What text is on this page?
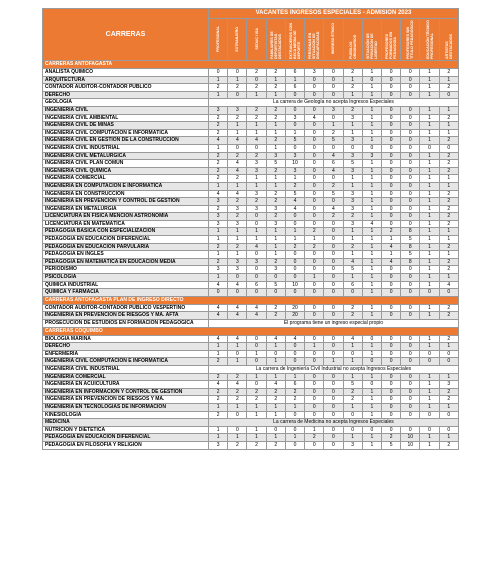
CARRERAS	VACANTES INGRESOS ESPECIALES - ADMISIÓN 2023												
	PROFESIONAL	EXTRANJERO	SEDUC / ISA	FAMILIARES DE DEPORTISTAS DESTACADOS	EXTRANJEROS CON BECA MEDIA DE DEPORTE	PERSONAS EN SITUACIÓN DE DISCAPACIDAD	INGRESO ÉTNICO	PUEBLOS ORIGINARIOS	SITUACIÓN DE PRIVACIÓN DE LIBERTAD	PROFESORES FORMADOS EN PEDAGOGÍA	PROFESORES SIN TÍTULO PEDAGÓGICO	EDUCACIÓN TÉCNICO PROFESIONAL	ARTISTAS DESTACADOS
CARRERAS ANTOFAGASTA													
ANALISTA QUÍMICO	0	0	2	2	6	3	0	2	1	0	0	1	2
ARQUITECTURA	1	1	0	1	1	0	0	1	0	0	0	1	1
CONTADOR AUDITOR-CONTADOR PÚBLICO	2	2	2	2	6	0	0	2	1	0	0	1	2
DERECHO	1	0	1	1	0	0	0	1	1	0	0	1	0
GEOLOGÍA	La carrera de Geología no acepta Ingresos Especiales												
INGENIERÍA CIVIL	3	3	2	2	0	0	3	2	1	0	0	1	1
INGENIERÍA CIVIL AMBIENTAL	2	2	2	2	3	4	0	3	1	0	0	1	2
INGENIERÍA CIVIL DE MINAS	2	1	1	1	0	0	1	1	1	0	0	1	1
INGENIERÍA CIVIL COMPUTACIÓN E INFORMÁTICA	2	1	1	1	1	0	2	1	1	0	0	1	1
INGENIERÍA CIVIL EN GESTIÓN DE LA CONSTRUCCIÓN	4	4	4	2	5	0	5	3	1	0	0	1	2
INGENIERÍA CIVIL INDUSTRIAL	1	0	0	1	0	0	0	0	0	0	0	0	0
INGENIERÍA CIVIL METALÚRGICA	2	2	2	3	3	0	4	3	3	0	0	1	2
INGENIERÍA CIVIL PLAN COMÚN	2	4	3	5	10	0	6	5	1	0	0	1	2
INGENIERÍA CIVIL QUÍMICA	2	4	3	2	3	0	4	3	1	0	0	1	2
INGENIERÍA COMERCIAL	2	2	1	1	1	0	0	1	1	0	0	1	1
INGENIERÍA EN COMPUTACIÓN E INFORMÁTICA	1	1	1	1	2	0	2	1	1	0	0	1	1
INGENIERÍA EN CONSTRUCCIÓN	4	4	3	2	5	0	5	3	1	0	0	1	2
INGENIERÍA EN PREVENCIÓN Y CONTROL DE GESTIÓN	3	2	2	2	4	0	0	3	1	0	0	1	2
INGENIERÍA EN METALURGIA	2	3	3	3	4	0	4	3	1	0	0	1	2
LICENCIATURA EN FÍSICA MENCIÓN ASTRONOMÍA	3	2	0	2	0	0	2	2	1	0	0	1	2
LICENCIATURA EN MATEMÁTICA	3	3	0	3	0	0	0	3	4	0	0	1	2
PEDAGOGÍA BÁSICA CON ESPECIALIZACIÓN	1	1	1	1	1	2	0	1	1	2	8	1	1
PEDAGOGÍA EN EDUCACIÓN DIFERENCIAL	1	1	1	1	1	1	0	1	1	1	5	1	1
PEDAGOGÍA EN EDUCACIÓN PARVULARIA	2	2	4	1	2	2	0	2	1	4	8	1	2
PEDAGOGÍA EN INGLÉS	1	1	0	1	0	0	0	1	1	1	5	1	1
PEDAGOGÍA EN MATEMÁTICA EN EDUCACIÓN MEDIA	2	3	3	2	0	0	0	4	1	4	8	1	2
PERIODISMO	3	3	0	3	0	0	0	5	1	0	0	1	2
PSICOLOGÍA	1	0	0	0	0	1	0	1	1	0	0	1	1
QUÍMICA INDUSTRIAL	4	4	6	5	10	0	0	6	1	0	0	1	4
QUÍMICA Y FARMACIA	0	0	0	0	0	0	0	0	1	0	0	0	0
CARRERAS ANTOFAGASTA PLAN DE INGRESO DIRECTO													
CONTADOR AUDITOR-CONTADOR PÚBLICO VESPERTINO	4	4	4	2	20	0	0	2	1	0	0	1	2
INGENIERÍA EN PREVENCIÓN DE RIESGOS Y MA. AFTA	4	4	4	2	20	0	0	2	1	0	0	1	2
PROSECUCIÓN DE ESTUDIOS EN FORMACIÓN PEDAGÓGICA	El programa tiene un ingreso especial propio												
CARRERAS COQUIMBO													
BIOLOGÍA MARINA	4	4	0	4	4	0	0	4	0	0	0	1	2
DERECHO	1	1	0	1	0	1	0	1	1	0	0	1	1
ENFERMERÍA	1	0	1	0	0	0	0	0	1	0	0	0	0
INGENIERÍA CIVIL COMPUTACIÓN E INFORMÁTICA	2	1	0	1	0	0	1	1	0	0	0	0	0
INGENIERÍA CIVIL INDUSTRIAL	La carrera de Ingeniería Civil Industrial no acepta Ingresos Especiales												
INGENIERÍA COMERCIAL	2	2	1	1	1	0	0	1	1	0	0	1	1
INGENIERÍA EN ACUICULTURA	4	4	0	4	6	0	0	5	0	0	0	1	3
INGENIERÍA EN INFORMACIÓN Y CONTROL DE GESTIÓN	2	2	2	2	2	0	0	2	1	0	0	1	2
INGENIERÍA EN PREVENCIÓN DE RIESGOS Y MA.	2	2	2	2	2	0	0	2	1	0	0	1	2
INGENIERÍA EN TECNOLOGÍAS DE INFORMACIÓN	1	1	1	1	1	0	0	1	1	0	0	1	1
KINESIOLOGÍA	2	0	1	1	0	0	0	0	1	0	0	0	0
MEDICINA	La carrera de Medicina no acepta Ingresos Especiales												
NUTRICIÓN Y DIETÉTICA	1	0	1	0	0	1	0	0	0	0	0	0	0
PEDAGOGÍA EN EDUCACIÓN DIFERENCIAL	1	1	1	1	1	2	0	1	1	2	10	1	1
PEDAGOGÍA EN FILOSOFÍA Y RELIGIÓN	3	2	2	2	0	0	0	3	1	5	10	1	2
